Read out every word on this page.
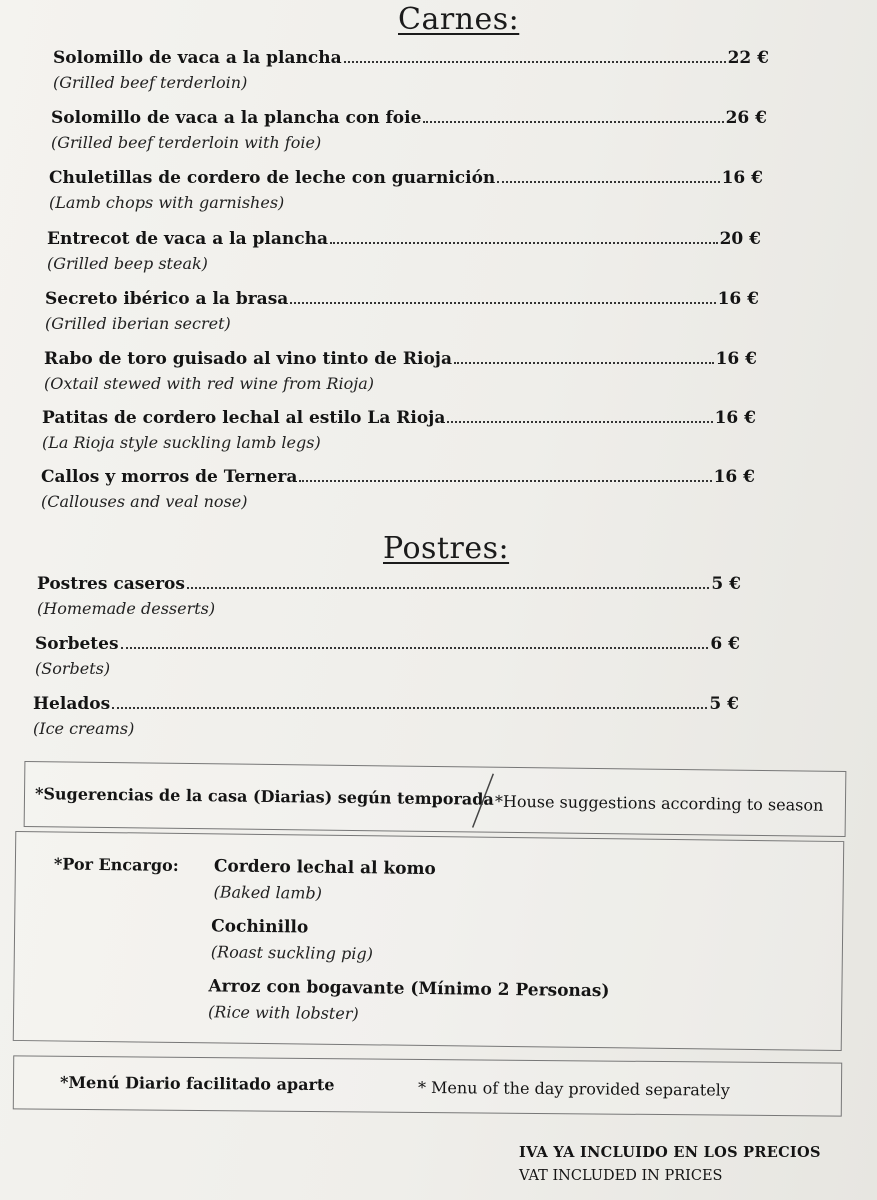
Carnes:
Solomillo de vaca a la plancha	22 €
(Grilled beef terderloin)
Solomillo de vaca a la plancha con foie	26 €
(Grilled beef terderloin with foie)
Chuletillas de cordero de leche con guarnición	16 €
(Lamb chops with garnishes)
Entrecot de vaca a la plancha	20 €
(Grilled beep steak)
Secreto ibérico a la brasa	16 €
(Grilled iberian secret)
Rabo de toro guisado al vino tinto de Rioja	16 €
(Oxtail stewed with red wine from Rioja)
Patitas de cordero lechal al estilo La Rioja	16 €
(La Rioja style suckling lamb legs)
Callos y morros de Ternera	16 €
(Callouses and veal nose)
Postres:
Postres caseros	5 €
(Homemade desserts)
Sorbetes	6 €
(Sorbets)
Helados	5 €
(Ice creams)
*Sugerencias de la casa (Diarias) según temporada *House suggestions according to season
*Por Encargo: Cordero lechal al komo
(Baked lamb)
Cochinillo
(Roast suckling pig)
Arroz con bogavante (Mínimo 2 Personas)
(Rice with lobster)
*Menú Diario facilitado aparte	* Menu of the day provided separately
IVA YA INCLUIDO EN LOS PRECIOS
VAT INCLUDED IN PRICES
